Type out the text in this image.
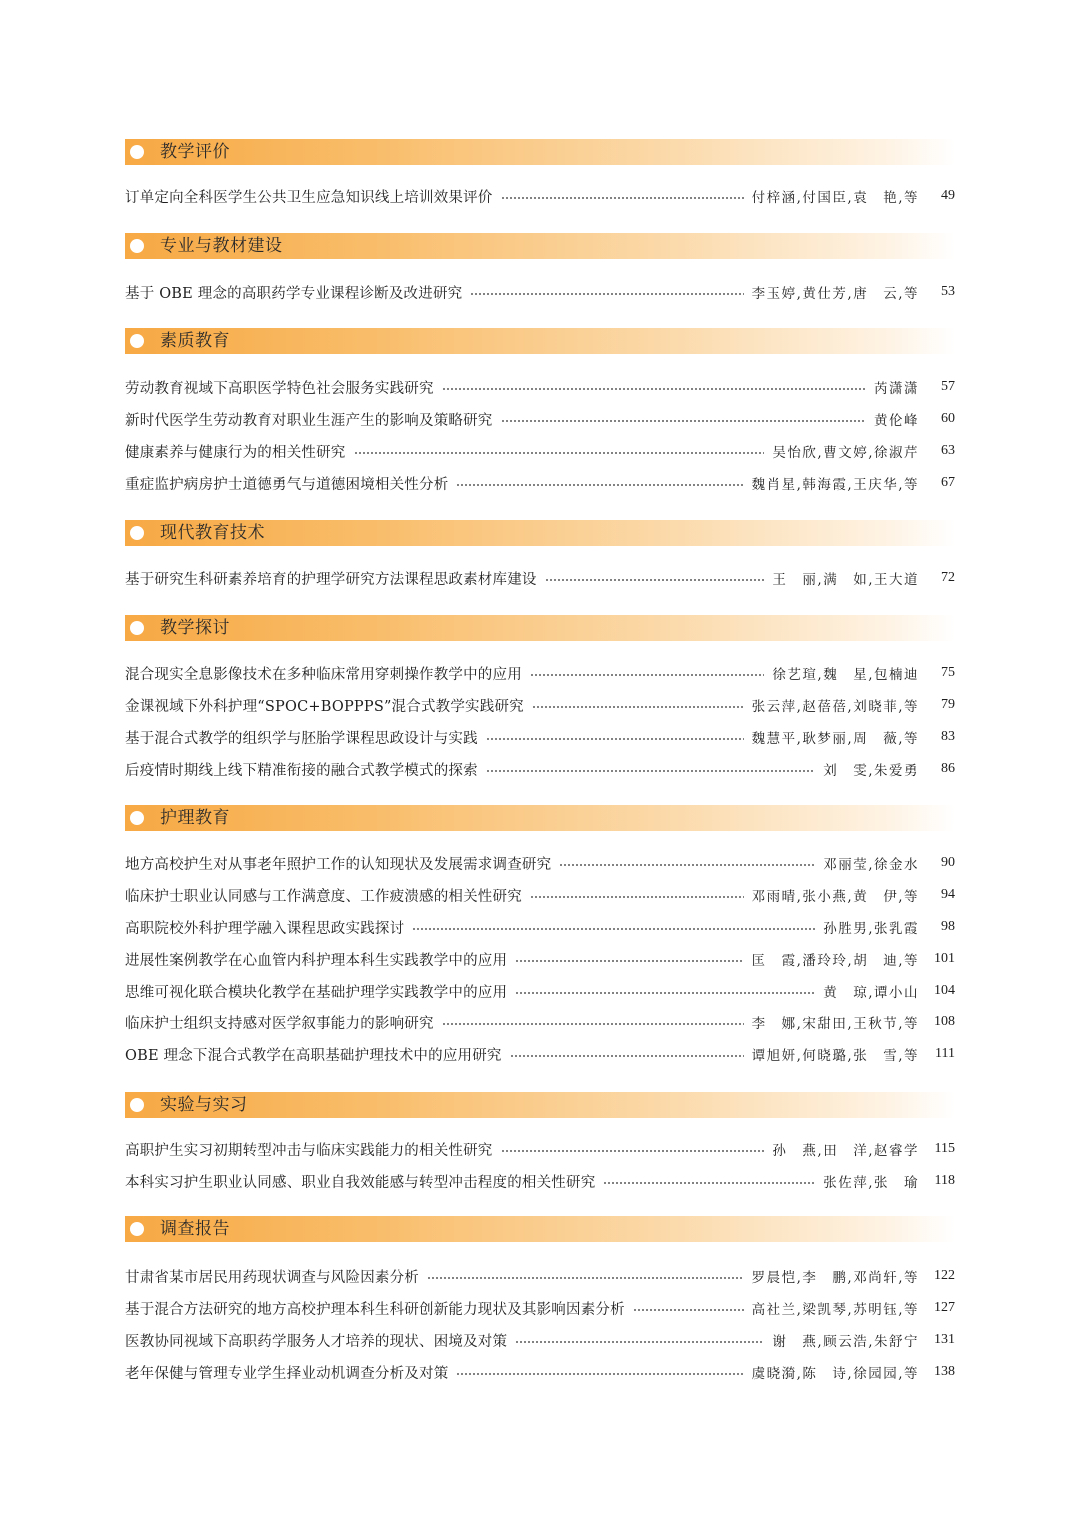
教学评价
订单定向全科医学生公共卫生应急知识线上培训效果评价	付梓涵,付国臣,袁　艳,等	49
专业与教材建设
基于 OBE 理念的高职药学专业课程诊断及改进研究	李玉婷,黄仕芳,唐　云,等	53
素质教育
劳动教育视域下高职医学特色社会服务实践研究	芮潇潇	57
新时代医学生劳动教育对职业生涯产生的影响及策略研究	黄伦峰	60
健康素养与健康行为的相关性研究	吴怡欣,曹文婷,徐淑芹	63
重症监护病房护士道德勇气与道德困境相关性分析	魏肖星,韩海霞,王庆华,等	67
现代教育技术
基于研究生科研素养培育的护理学研究方法课程思政素材库建设	王　丽,满　如,王大道	72
教学探讨
混合现实全息影像技术在多种临床常用穿刺操作教学中的应用	徐艺瑄,魏　星,包楠迪	75
金课视域下外科护理“SPOC+BOPPPS”混合式教学实践研究	张云萍,赵蓓蓓,刘晓菲,等	79
基于混合式教学的组织学与胚胎学课程思政设计与实践	魏慧平,耿梦丽,周　薇,等	83
后疫情时期线上线下精准衔接的融合式教学模式的探索	刘　雯,朱爱勇	86
护理教育
地方高校护生对从事老年照护工作的认知现状及发展需求调查研究	邓丽莹,徐金水	90
临床护士职业认同感与工作满意度、工作疲溃感的相关性研究	邓雨晴,张小燕,黄　伊,等	94
高职院校外科护理学融入课程思政实践探讨	孙胜男,张乳霞	98
进展性案例教学在心血管内科护理本科生实践教学中的应用	匡　霞,潘玲玲,胡　迪,等	101
思维可视化联合模块化教学在基础护理学实践教学中的应用	黄　琼,谭小山	104
临床护士组织支持感对医学叙事能力的影响研究	李　娜,宋甜田,王秋节,等	108
OBE 理念下混合式教学在高职基础护理技术中的应用研究	谭旭妍,何晓璐,张　雪,等	111
实验与实习
高职护生实习初期转型冲击与临床实践能力的相关性研究	孙　燕,田　洋,赵睿学	115
本科实习护生职业认同感、职业自我效能感与转型冲击程度的相关性研究	张佐萍,张　瑜	118
调查报告
甘肃省某市居民用药现状调查与风险因素分析	罗晨恺,李　鹏,邓尚轩,等	122
基于混合方法研究的地方高校护理本科生科研创新能力现状及其影响因素分析	高社兰,梁凯琴,苏明钰,等	127
医教协同视域下高职药学服务人才培养的现状、困境及对策	谢　燕,顾云浩,朱舒宁	131
老年保健与管理专业学生择业动机调查分析及对策	虞晓漪,陈　诗,徐园园,等	138
